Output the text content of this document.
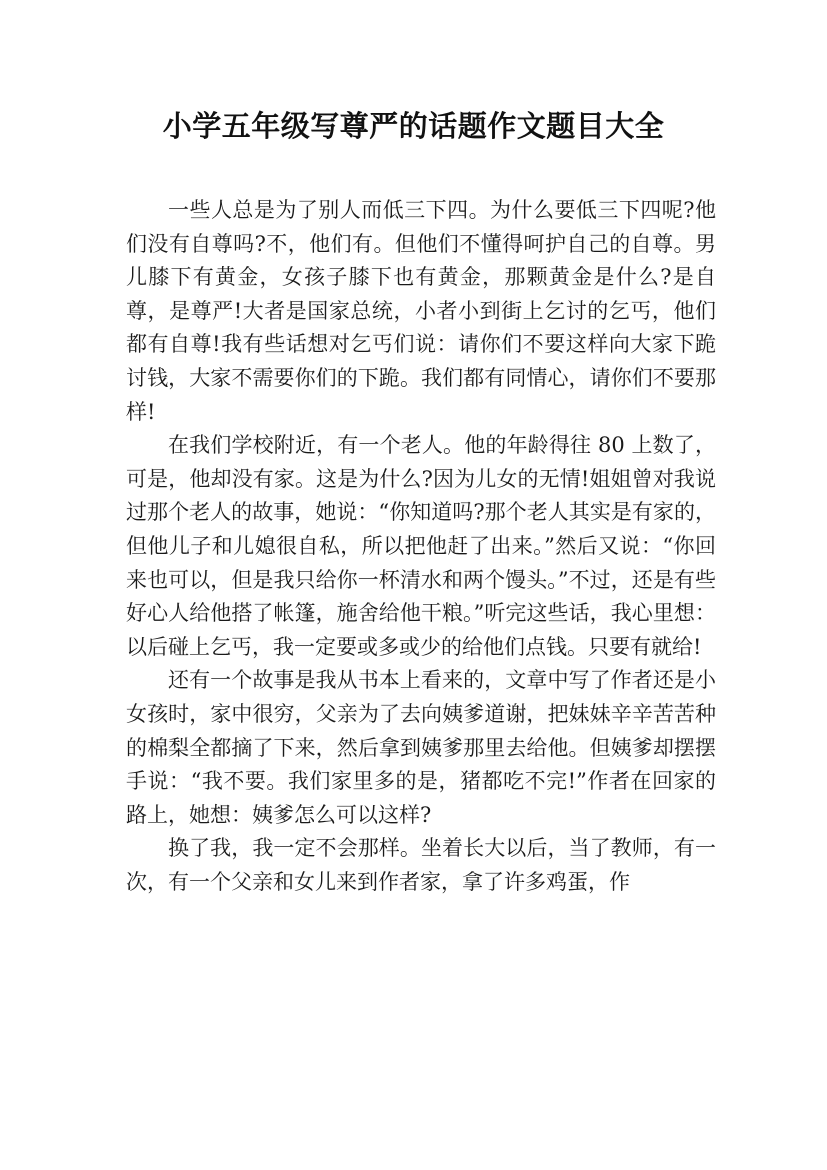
小学五年级写尊严的话题作文题目大全

一些人总是为了别人而低三下四。为什么要低三下四呢?他们没有自尊吗?不，他们有。但他们不懂得呵护自己的自尊。男儿膝下有黄金，女孩子膝下也有黄金，那颗黄金是什么?是自尊，是尊严!大者是国家总统，小者小到街上乞讨的乞丐，他们都有自尊!我有些话想对乞丐们说：请你们不要这样向大家下跪讨钱，大家不需要你们的下跪。我们都有同情心，请你们不要那样!

在我们学校附近，有一个老人。他的年龄得往 80 上数了，可是，他却没有家。这是为什么?因为儿女的无情!姐姐曾对我说过那个老人的故事，她说：“你知道吗?那个老人其实是有家的，但他儿子和儿媳很自私，所以把他赶了出来。”然后又说：“你回来也可以，但是我只给你一杯清水和两个馒头。”不过，还是有些好心人给他搭了帐篷，施舍给他干粮。”听完这些话，我心里想：以后碰上乞丐，我一定要或多或少的给他们点钱。只要有就给!

还有一个故事是我从书本上看来的，文章中写了作者还是小女孩时，家中很穷，父亲为了去向姨爹道谢，把妹妹辛辛苦苦种的棉梨全都摘了下来，然后拿到姨爹那里去给他。但姨爹却摆摆手说：“我不要。我们家里多的是，猪都吃不完!”作者在回家的路上，她想：姨爹怎么可以这样?

换了我，我一定不会那样。坐着长大以后，当了教师，有一次，有一个父亲和女儿来到作者家，拿了许多鸡蛋，作
